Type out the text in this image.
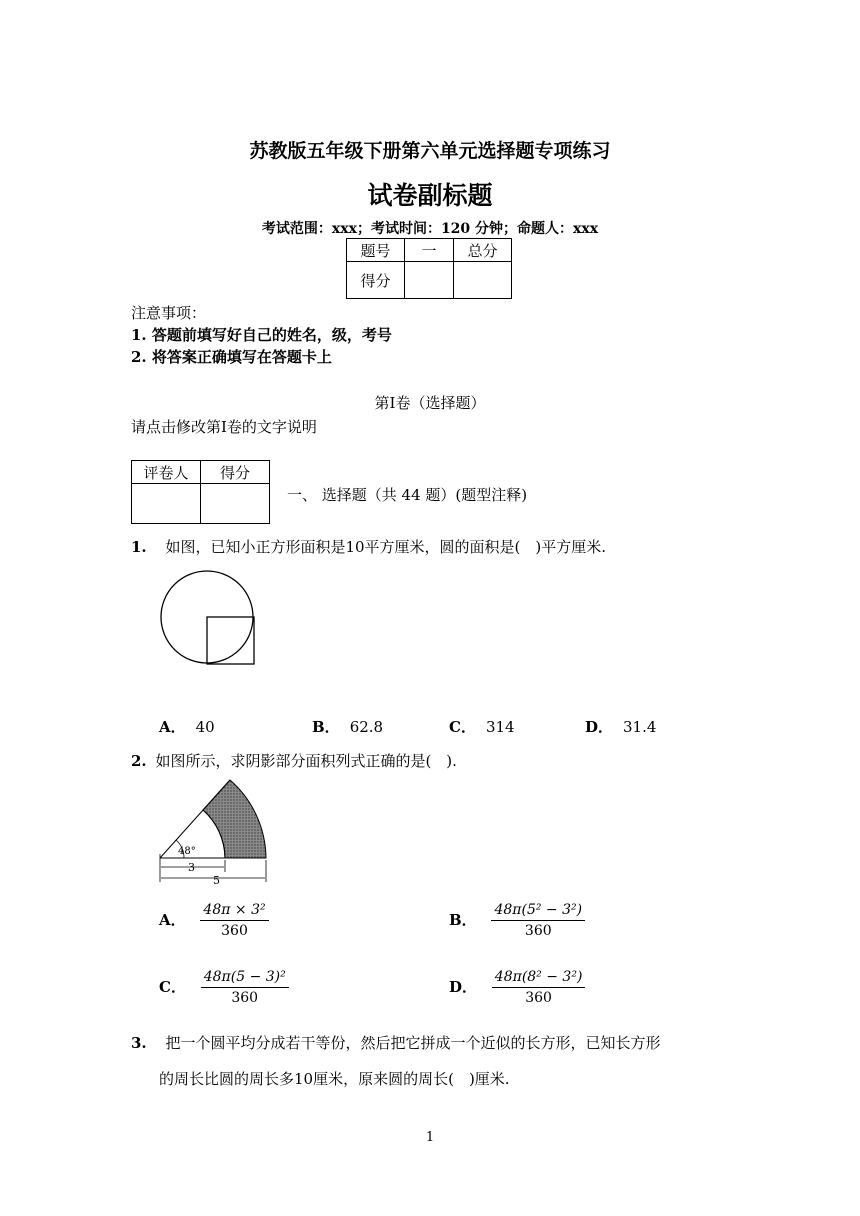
苏教版五年级下册第六单元选择题专项练习
试卷副标题
考试范围：xxx；考试时间：120 分钟；命题人：xxx
题号	一	总分
得分		
注意事项：
1. 答题前填写好自己的姓名，级，考号
2. 将答案正确填写在答题卡上
第Ⅰ卷（选择题）
请点击修改第Ⅰ卷的文字说明
评卷人	得分

一、 选择题（共 44 题）(题型注释)
1. 如图，已知小正方形面积是10平方厘米，圆的面积是(　)平方厘米.
A． 40	B． 62.8	C． 314	D． 31.4
2. 如图所示，求阴影部分面积列式正确的是(　).
48°
3
5
A． $\frac{\text{48π × 3²}}{360}$	B． $\frac{\text{48π(5² − 3²)}}{360}$
C． $\frac{\text{48π(5 − 3)²}}{360}$	D． $\frac{\text{48π(8² − 3²)}}{360}$
3. 把一个圆平均分成若干等份，然后把它拼成一个近似的长方形，已知长方形
的周长比圆的周长多10厘米，原来圆的周长(　)厘米.
1
